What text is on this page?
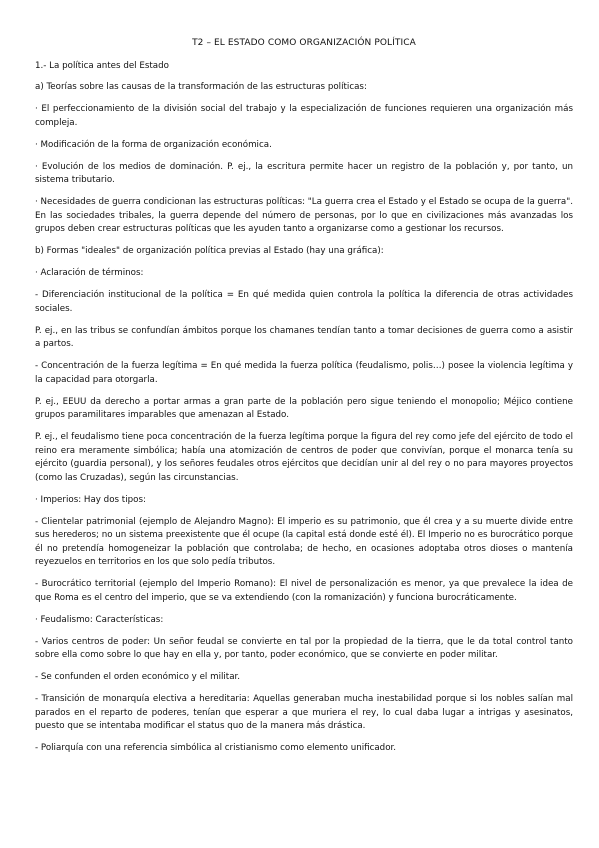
T2 – EL ESTADO COMO ORGANIZACIÓN POLÍTICA

1.- La política antes del Estado

a) Teorías sobre las causas de la transformación de las estructuras políticas:

· El perfeccionamiento de la división social del trabajo y la especialización de funciones requieren una organización más compleja.

· Modificación de la forma de organización económica.

· Evolución de los medios de dominación. P. ej., la escritura permite hacer un registro de la población y, por tanto, un sistema tributario.

· Necesidades de guerra condicionan las estructuras políticas: "La guerra crea el Estado y el Estado se ocupa de la guerra". En las sociedades tribales, la guerra depende del número de personas, por lo que en civilizaciones más avanzadas los grupos deben crear estructuras políticas que les ayuden tanto a organizarse como a gestionar los recursos.

b) Formas "ideales" de organización política previas al Estado (hay una gráfica):

· Aclaración de términos:

- Diferenciación institucional de la política = En qué medida quien controla la política la diferencia de otras actividades sociales.

P. ej., en las tribus se confundían ámbitos porque los chamanes tendían tanto a tomar decisiones de guerra como a asistir a partos.

- Concentración de la fuerza legítima = En qué medida la fuerza política (feudalismo, polis…) posee la violencia legítima y la capacidad para otorgarla.

P. ej., EEUU da derecho a portar armas a gran parte de la población pero sigue teniendo el monopolio; Méjico contiene grupos paramilitares imparables que amenazan al Estado.

P. ej., el feudalismo tiene poca concentración de la fuerza legítima porque la figura del rey como jefe del ejército de todo el reino era meramente simbólica; había una atomización de centros de poder que convivían, porque el monarca tenía su ejército (guardia personal), y los señores feudales otros ejércitos que decidían unir al del rey o no para mayores proyectos (como las Cruzadas), según las circunstancias.

· Imperios: Hay dos tipos:

- Clientelar patrimonial (ejemplo de Alejandro Magno): El imperio es su patrimonio, que él crea y a su muerte divide entre sus herederos; no un sistema preexistente que él ocupe (la capital está donde esté él). El Imperio no es burocrático porque él no pretendía homogeneizar la población que controlaba; de hecho, en ocasiones adoptaba otros dioses o mantenía reyezuelos en territorios en los que solo pedía tributos.

- Burocrático territorial (ejemplo del Imperio Romano): El nivel de personalización es menor, ya que prevalece la idea de que Roma es el centro del imperio, que se va extendiendo (con la romanización) y funciona burocráticamente.

· Feudalismo: Características:

- Varios centros de poder: Un señor feudal se convierte en tal por la propiedad de la tierra, que le da total control tanto sobre ella como sobre lo que hay en ella y, por tanto, poder económico, que se convierte en poder militar.

- Se confunden el orden económico y el militar.

- Transición de monarquía electiva a hereditaria: Aquellas generaban mucha inestabilidad porque si los nobles salían mal parados en el reparto de poderes, tenían que esperar a que muriera el rey, lo cual daba lugar a intrigas y asesinatos, puesto que se intentaba modificar el status quo de la manera más drástica.

- Poliarquía con una referencia simbólica al cristianismo como elemento unificador.
